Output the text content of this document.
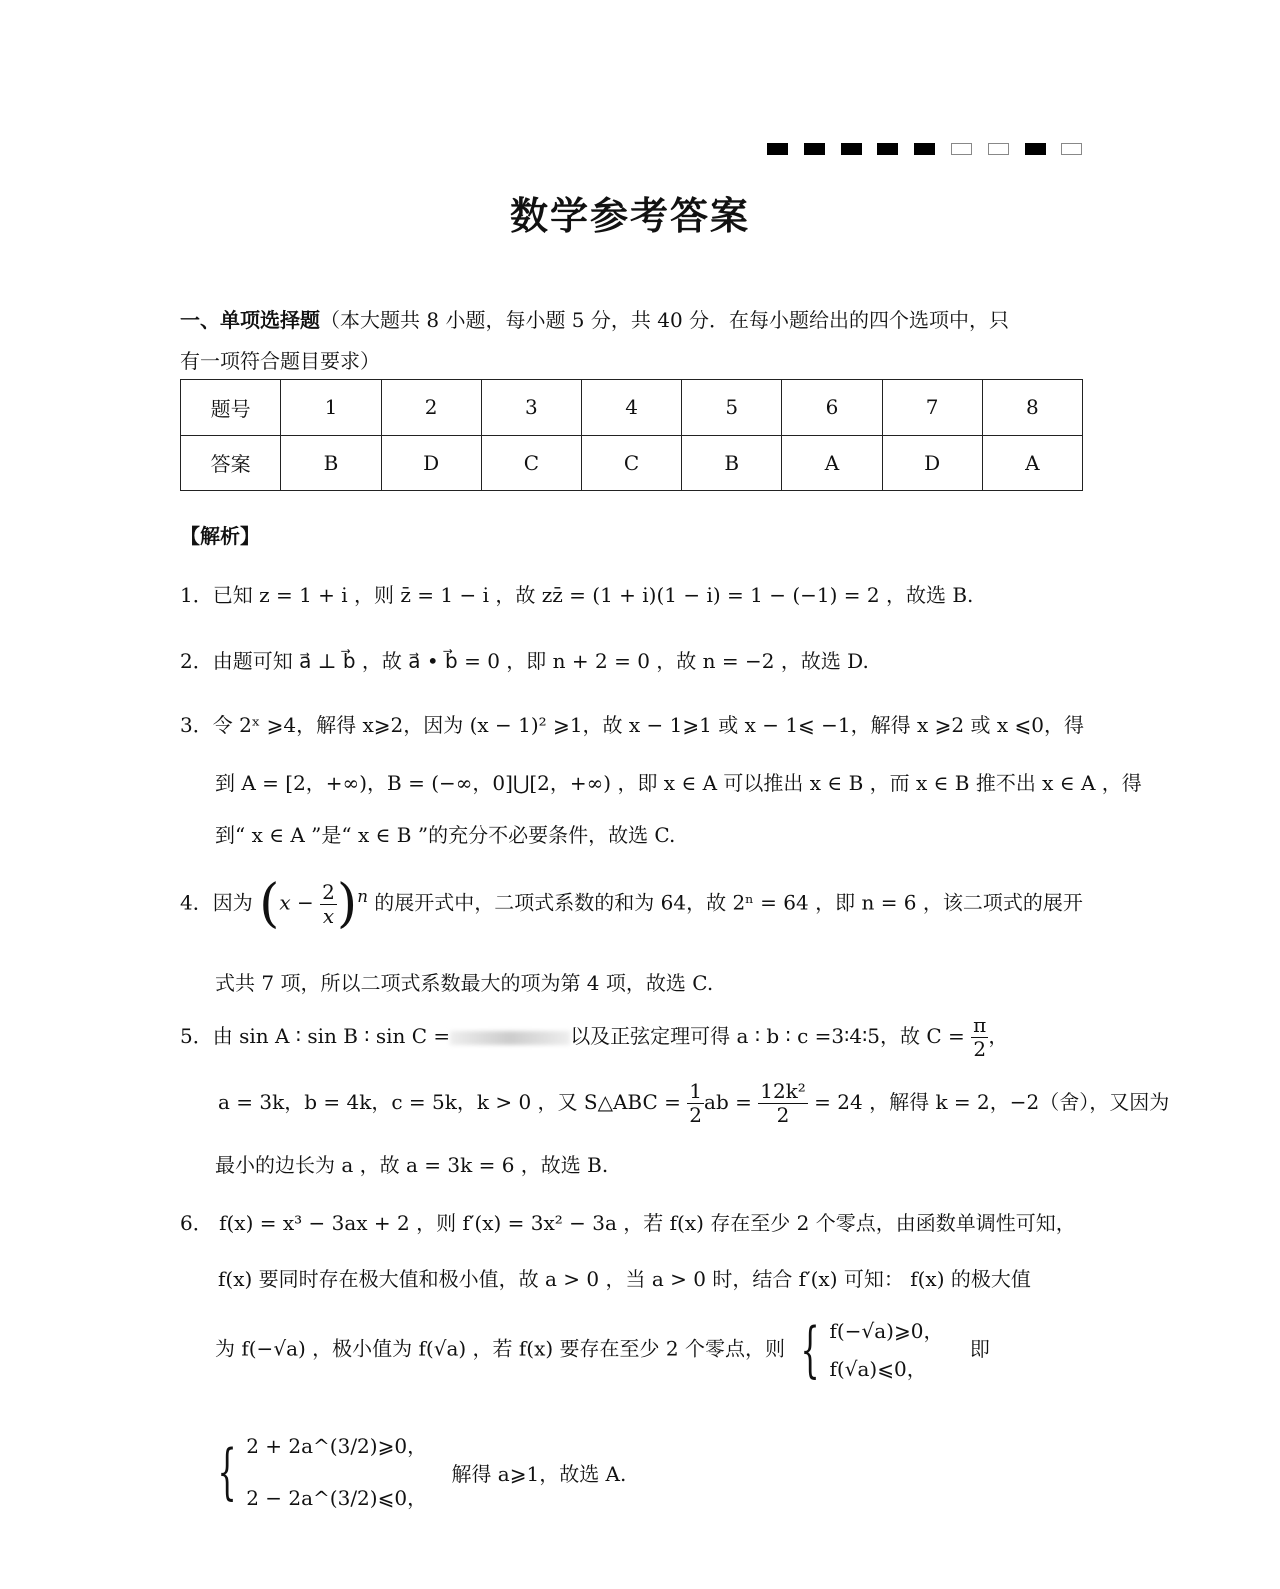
数学参考答案
一、单项选择题（本大题共 8 小题，每小题 5 分，共 40 分．在每小题给出的四个选项中，只
有一项符合题目要求）
题号	1	2	3	4	5	6	7	8
答案	B	D	C	C	B	A	D	A
【解析】
1．已知 z = 1 + i ，则 z̄ = 1 − i ，故 zz̄ = (1 + i)(1 − i) = 1 − (−1) = 2 ，故选 B.
2．由题可知 a⃗ ⊥ b⃗ ，故 a⃗ • b⃗ = 0 ，即 n + 2 = 0 ，故 n = −2 ，故选 D.
3．令 2ˣ ⩾4，解得 x⩾2，因为 (x − 1)² ⩾1，故 x − 1⩾1 或 x − 1⩽ −1，解得 x ⩾2 或 x ⩽0，得
到 A = [2，+∞)，B = (−∞，0]⋃[2，+∞) ，即 x ∈ A 可以推出 x ∈ B ，而 x ∈ B 推不出 x ∈ A ，得
到“ x ∈ A ”是“ x ∈ B ”的充分不必要条件，故选 C.
4．因为 $(x - \frac{2}{x})^n$ 的展开式中，二项式系数的和为 64，故 2ⁿ = 64 ，即 n = 6 ，该二项式的展开
式共 7 项，所以二项式系数最大的项为第 4 项，故选 C.
5．由 sin A ∶ sin B ∶ sin C =	以及正弦定理可得 a ∶ b ∶ c =3∶4∶5，故 $C = \frac{\pi}{2}$ ，
a = 3k，b = 4k，c = 5k，k > 0 ，又 S△ABC = $\frac{1}{2}$ ab = $\frac{\text{12k²}}{2} = 24$ ，解得 k = 2，−2（舍），又因为
最小的边长为 a ，故 a = 3k = 6 ，故选 B.
6． f(x) = x³ − 3ax + 2 ，则 f′(x) = 3x² − 3a ，若 f(x) 存在至少 2 个零点，由函数单调性可知，
f(x) 要同时存在极大值和极小值，故 a > 0 ，当 a > 0 时，结合 f′(x) 可知： f(x) 的极大值
为 f(−√a) ，极小值为 f(√a) ，若 f(x) 要存在至少 2 个零点，则 { f(−√a)⩾0，
f(√a)⩽0，
即
{ 2 + 2a^(3/2)⩾0，
2 − 2a^(3/2)⩽0，
解得 a⩾1，故选 A.
